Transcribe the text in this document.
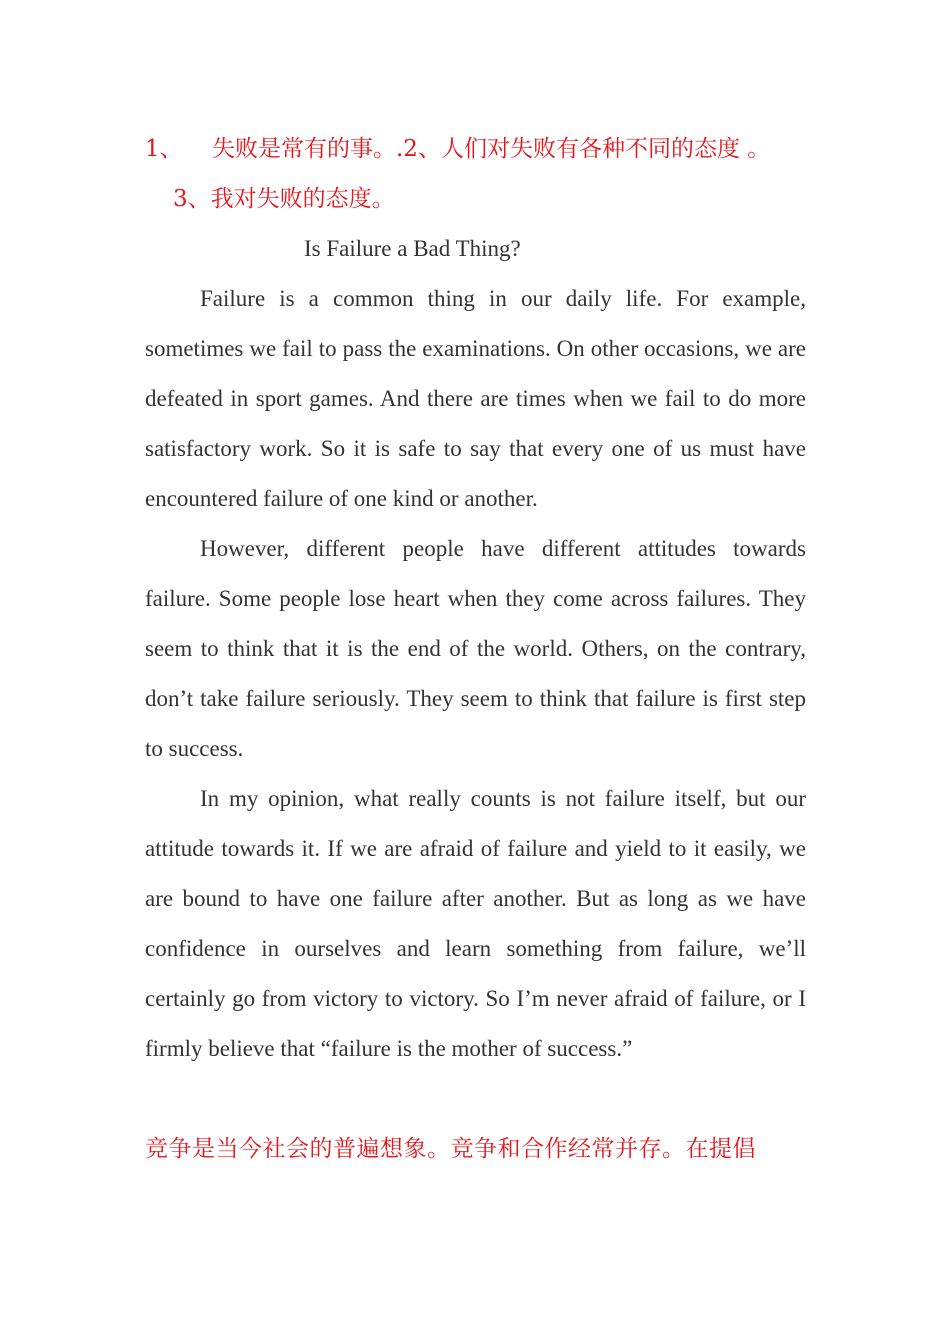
1、 失败是常有的事。.2、人们对失败有各种不同的态度 。
3、我对失败的态度。
Is Failure a Bad Thing?

Failure is a common thing in our daily life. For example, sometimes we fail to pass the examinations. On other occasions, we are defeated in sport games. And there are times when we fail to do more satisfactory work. So it is safe to say that every one of us must have encountered failure of one kind or another.

However, different people have different attitudes towards failure. Some people lose heart when they come across failures. They seem to think that it is the end of the world. Others, on the contrary, don’t take failure seriously. They seem to think that failure is first step to success.

In my opinion, what really counts is not failure itself, but our attitude towards it. If we are afraid of failure and yield to it easily, we are bound to have one failure after another. But as long as we have confidence in ourselves and learn something from failure, we’ll certainly go from victory to victory. So I’m never afraid of failure, or I firmly believe that “failure is the mother of success.”

竞争是当今社会的普遍想象。竞争和合作经常并存。在提倡
